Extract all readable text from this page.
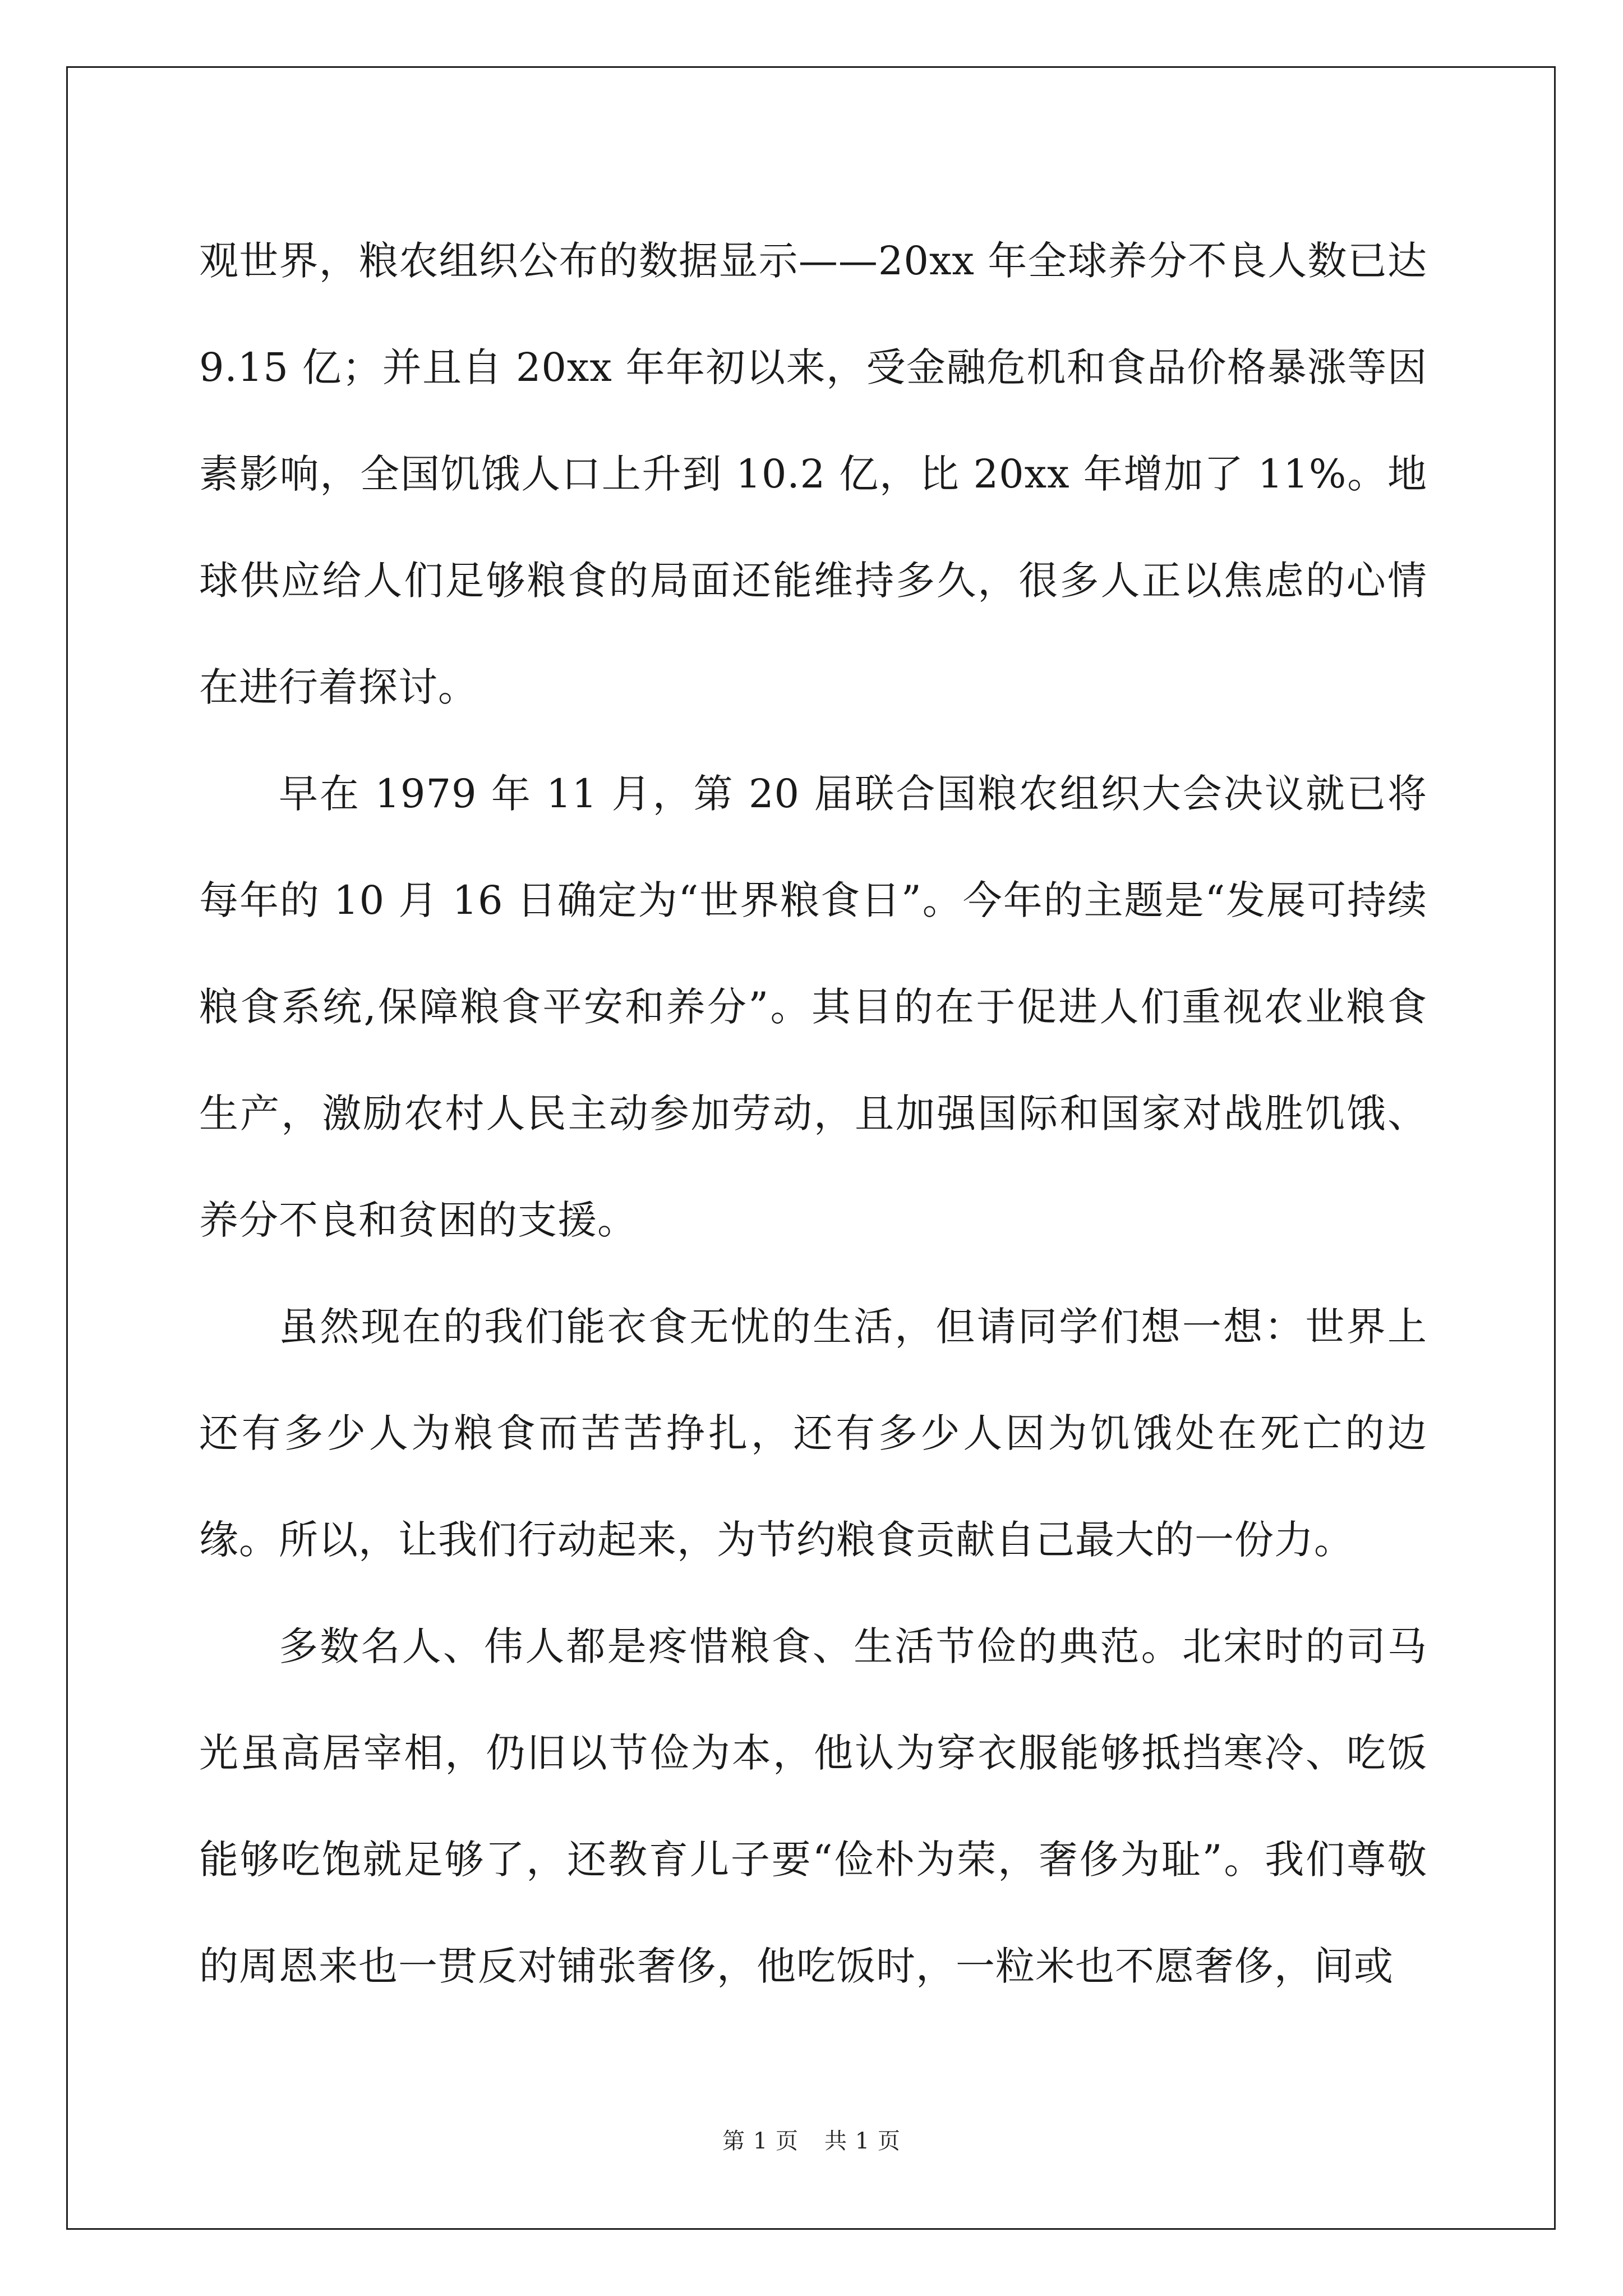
观世界，粮农组织公布的数据显示——20xx 年全球养分不良人数已达 9.15 亿；并且自 20xx 年年初以来，受金融危机和食品价格暴涨等因素影响，全国饥饿人口上升到 10.2 亿，比 20xx 年增加了 11%。地球供应给人们足够粮食的局面还能维持多久，很多人正以焦虑的心情在进行着探讨。

早在 1979 年 11 月，第 20 届联合国粮农组织大会决议就已将每年的 10 月 16 日确定为“世界粮食日”。今年的主题是“发展可持续粮食系统,保障粮食平安和养分”。其目的在于促进人们重视农业粮食生产，激励农村人民主动参加劳动，且加强国际和国家对战胜饥饿、养分不良和贫困的支援。

虽然现在的我们能衣食无忧的生活，但请同学们想一想：世界上还有多少人为粮食而苦苦挣扎，还有多少人因为饥饿处在死亡的边缘。所以，让我们行动起来，为节约粮食贡献自己最大的一份力。

多数名人、伟人都是疼惜粮食、生活节俭的典范。北宋时的司马光虽高居宰相，仍旧以节俭为本，他认为穿衣服能够抵挡寒冷、吃饭能够吃饱就足够了，还教育儿子要“俭朴为荣，奢侈为耻”。我们尊敬的周恩来也一贯反对铺张奢侈，他吃饭时，一粒米也不愿奢侈，间或

第 1 页 共 1 页
